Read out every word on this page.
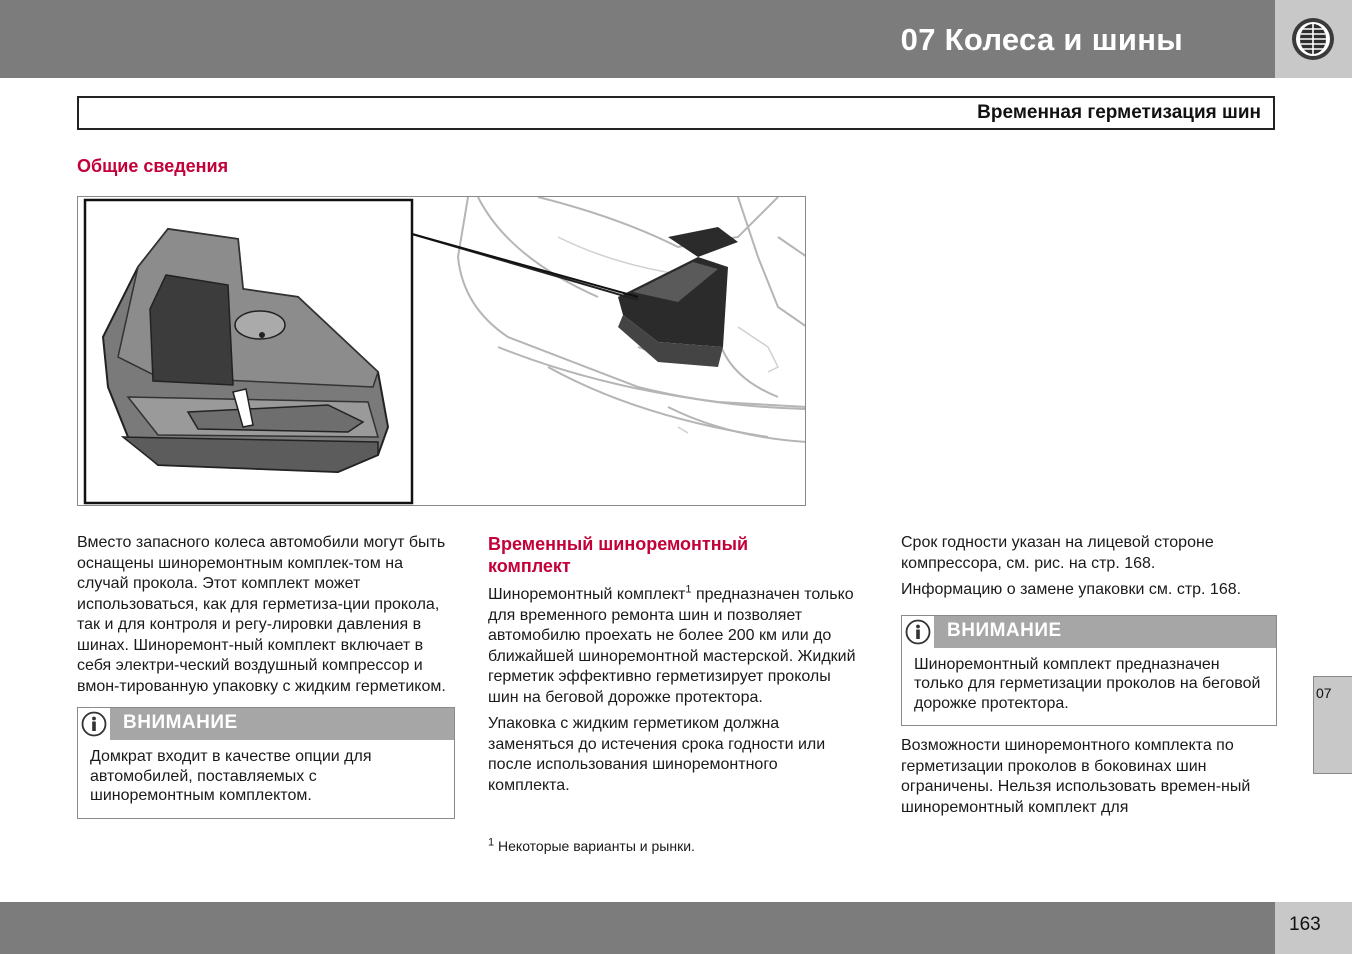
07 Колеса и шины
Временная герметизация шин
Общие сведения

Вместо запасного колеса автомобили могут быть оснащены шиноремонтным комплек-том на случай прокола. Этот комплект может использоваться, как для герметиза-ции прокола, так и для контроля и регу-лировки давления в шинах. Шиноремонт-ный комплект включает в себя электри-ческий воздушный компрессор и вмон-тированную упаковку с жидким герметиком.

ВНИМАНИЕ
Домкрат входит в качестве опции для автомобилей, поставляемых с шиноремонтным комплектом.
Временный шиноремонтный
комплект

Шиноремонтный комплект$^1$ предназначен только для временного ремонта шин и позволяет автомобилю проехать не более 200 км или до ближайшей шиноремонтной мастерской. Жидкий герметик эффективно герметизирует проколы шин на беговой дорожке протектора.

Упаковка с жидким герметиком должна заменяться до истечения срока годности или после использования шиноремонтного комплекта.

$^1$ Некоторые варианты и рынки.

Срок годности указан на лицевой стороне компрессора, см. рис. на стр. 168.

Информацию о замене упаковки см. стр. 168.

ВНИМАНИЕ
Шиноремонтный комплект предназначен только для герметизации проколов на беговой дорожке протектора.

Возможности шиноремонтного комплекта по герметизации проколов в боковинах шин ограничены. Нельзя использовать времен-ный шиноремонтный комплект для

07
163
